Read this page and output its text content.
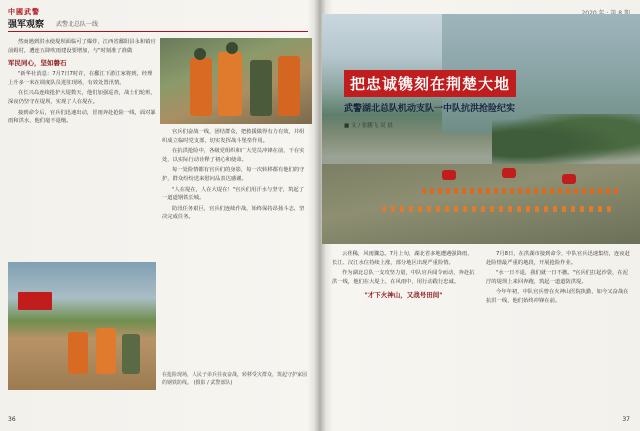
中國武警
强军观察 武警北总队一线

然而遇到洪水使堤坝面临可了爆炸，江西省鄱阳县永和镇官前姆村，遭连五降吹雨建设要增加，与"时刻准了准做

军民同心，坚如磐石

"新华社消息：7月7日7时许，在鄱江下游江家将到，经理上升多一米在调度队员进驻现场，有效处置汛情。

在长兴岛连续抢护大堤数天，他们加强巡查，战士们轮班，深夜仍坚守在堤坝，实现了人在堤在。

接到命令后，官兵们迅速出动，冒雨奔赴抢险一线，面对暴雨和洪水，他们毫不退缩。

官兵们奋战一线，团结群众，把救援做得有力有效，并组织成立临时党支部，切实发挥战斗堡垒作用。

在抗洪抢险中，各级党组织和广大党员冲锋在前，干在实处，以实际行动诠释了初心和使命。

每一处险情都有官兵们的身影，每一次转移都有他们的守护，群众纷纷送来慰问品表达感谢。

"人在堤在，人在大堤在！"官兵们用汗水与坚守，筑起了一道道钢铁长城。

防汛任务艰巨，官兵们连续作战，始终保持昂扬斗志，坚决完成任务。

在抢险现场，人民子弟兵昼夜奋战，转移受灾群众，筑起守护家园的钢铁防线。 (摄影 / 武警部队)
36
把忠诚镌刻在荆楚大地
武警湖北总队机动支队一中队抗洪抢险纪实
■ 文 / 张鹏飞 吴 晨

云荏稀，风雨骤急。7月上旬，湖北省多地遭遇强降雨，长江、汉江水位持续上涨，部分地区出现严重险情。

作为湖北总队一支攻坚力量，中队官兵闻令而动，奔赴抗洪一线，他们在大堤上，在风雨中，用行动践行忠诚。

"才下火神山，又战号田间"

7月8日，在洪湖市接到命令，中队官兵迅速集结，连夜赶赴险情最严重的地段，开展抢险作业。

"水一日不退，我们就一日不撤。"官兵们扛起沙袋，在泥泞的堤坝上来回奔跑，筑起一道道防洪堤。

今年年初，中队官兵曾在火神山医院执勤，如今又奋战在抗洪一线，他们始终冲锋在前。

37
